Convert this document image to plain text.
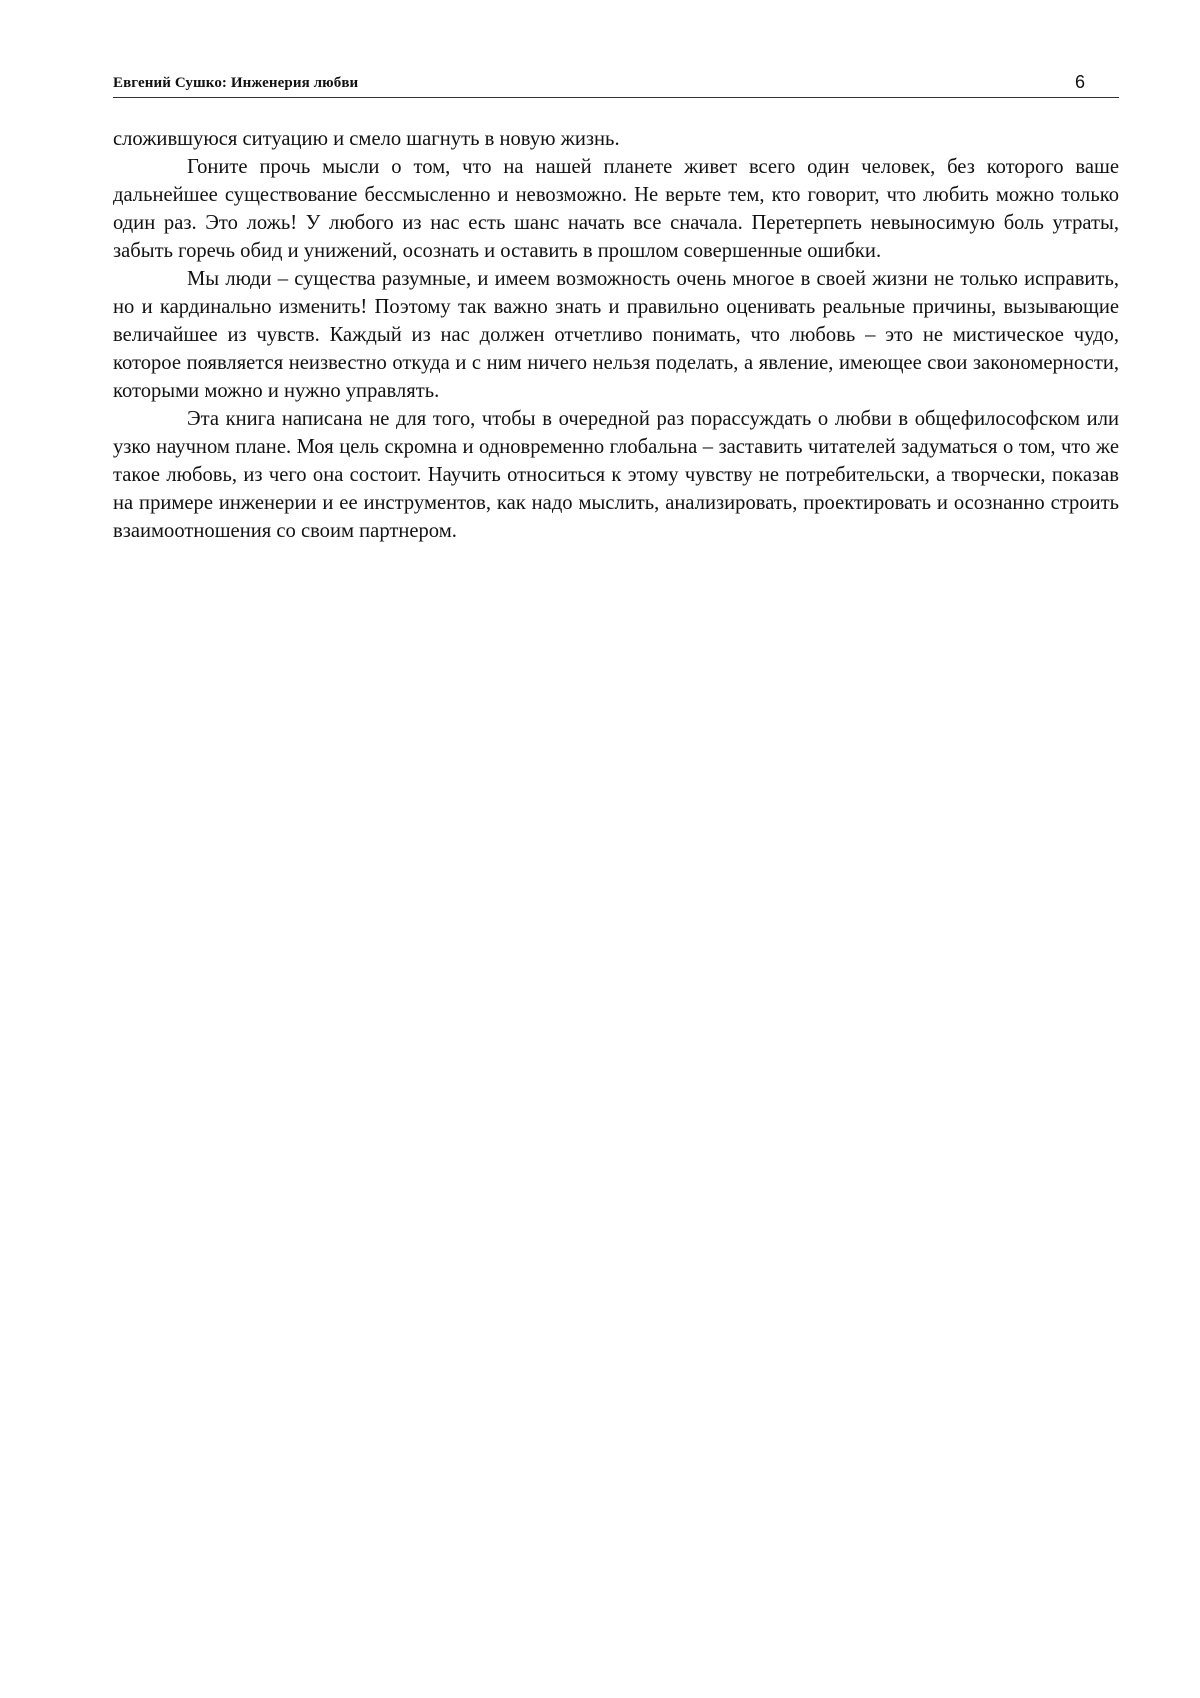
Евгений Сушко: Инженерия любви	6

сложившуюся ситуацию и смело шагнуть в новую жизнь.

Гоните прочь мысли о том, что на нашей планете живет всего один человек, без которого ваше дальнейшее существование бессмысленно и невозможно. Не верьте тем, кто говорит, что любить можно только один раз. Это ложь! У любого из нас есть шанс начать все сначала. Перетерпеть невыносимую боль утраты, забыть горечь обид и унижений, осознать и оставить в прошлом совершенные ошибки.

Мы люди – существа разумные, и имеем возможность очень многое в своей жизни не только исправить, но и кардинально изменить! Поэтому так важно знать и правильно оценивать реальные причины, вызывающие величайшее из чувств. Каждый из нас должен отчетливо понимать, что любовь – это не мистическое чудо, которое появляется неизвестно откуда и с ним ничего нельзя поделать, а явление, имеющее свои закономерности, которыми можно и нужно управлять.

Эта книга написана не для того, чтобы в очередной раз порассуждать о любви в общефилософском или узко научном плане. Моя цель скромна и одновременно глобальна – заставить читателей задуматься о том, что же такое любовь, из чего она состоит. Научить относиться к этому чувству не потребительски, а творчески, показав на примере инженерии и ее инструментов, как надо мыслить, анализировать, проектировать и осознанно строить взаимоотношения со своим партнером.
